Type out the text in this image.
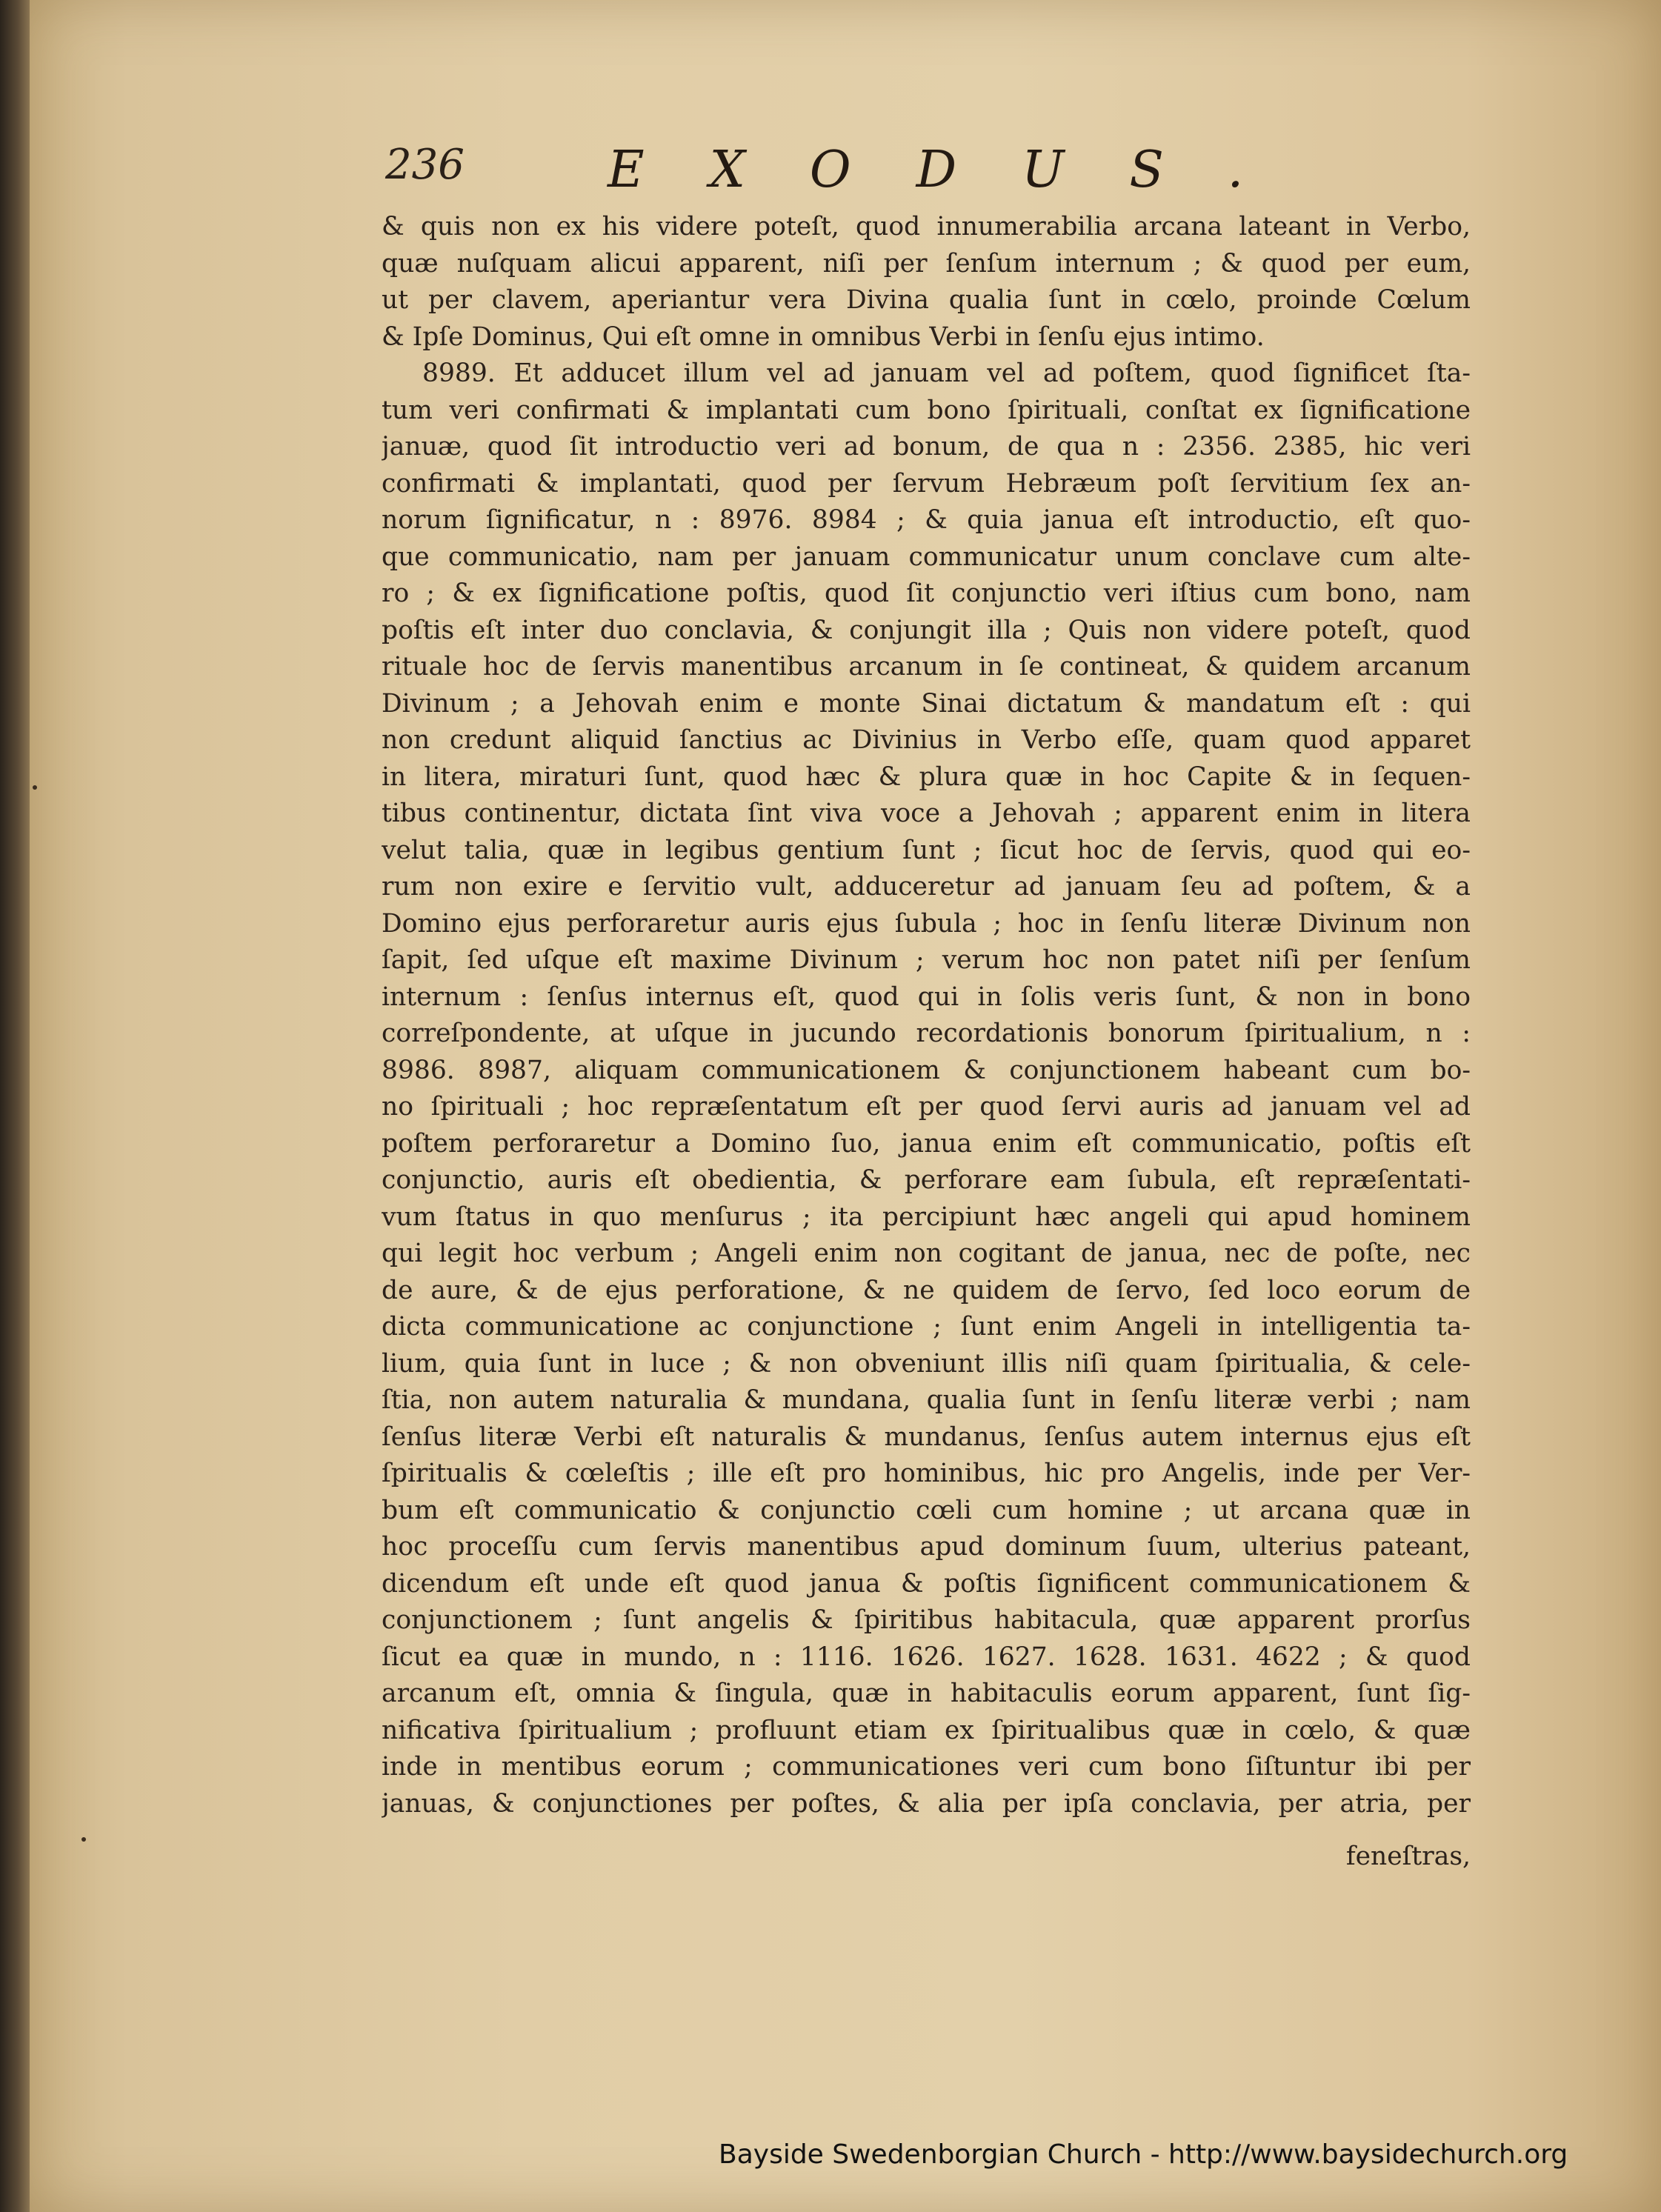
236	EXODUS.
& quis non ex his videre poteſt, quod innumerabilia arcana lateant in Verbo,
quæ nuſquam alicui apparent, niſi per ſenſum internum ; & quod per eum,
ut per clavem, aperiantur vera Divina qualia ſunt in cœlo, proinde Cœlum
& Ipſe Dominus, Qui eſt omne in omnibus Verbi in ſenſu ejus intimo.
8989. Et adducet illum vel ad januam vel ad poſtem, quod ſignificet ſta-
tum veri confirmati & implantati cum bono ſpirituali, conſtat ex ſignificatione
januæ, quod ſit introductio veri ad bonum, de qua n : 2356. 2385, hic veri
confirmati & implantati, quod per ſervum Hebræum poſt ſervitium ſex an-
norum ſignificatur, n : 8976. 8984 ; & quia janua eſt introductio, eſt quo-
que communicatio, nam per januam communicatur unum conclave cum alte-
ro ; & ex ſignificatione poſtis, quod ſit conjunctio veri iſtius cum bono, nam
poſtis eſt inter duo conclavia, & conjungit illa ; Quis non videre poteſt, quod
rituale hoc de ſervis manentibus arcanum in ſe contineat, & quidem arcanum
Divinum ; a Jehovah enim e monte Sinai dictatum & mandatum eſt : qui
non credunt aliquid ſanctius ac Divinius in Verbo eſſe, quam quod apparet
in litera, miraturi ſunt, quod hæc & plura quæ in hoc Capite & in ſequen-
tibus continentur, dictata ſint viva voce a Jehovah ; apparent enim in litera
velut talia, quæ in legibus gentium ſunt ; ſicut hoc de ſervis, quod qui eo-
rum non exire e ſervitio vult, adduceretur ad januam ſeu ad poſtem, & a
Domino ejus perforaretur auris ejus ſubula ; hoc in ſenſu literæ Divinum non
ſapit, ſed uſque eſt maxime Divinum ; verum hoc non patet niſi per ſenſum
internum : ſenſus internus eſt, quod qui in ſolis veris ſunt, & non in bono
correſpondente, at uſque in jucundo recordationis bonorum ſpiritualium, n :
8986. 8987, aliquam communicationem & conjunctionem habeant cum bo-
no ſpirituali ; hoc repræſentatum eſt per quod ſervi auris ad januam vel ad
poſtem perforaretur a Domino ſuo, janua enim eſt communicatio, poſtis eſt
conjunctio, auris eſt obedientia, & perforare eam ſubula, eſt repræſentati-
vum ſtatus in quo menſurus ; ita percipiunt hæc angeli qui apud hominem
qui legit hoc verbum ; Angeli enim non cogitant de janua, nec de poſte, nec
de aure, & de ejus perforatione, & ne quidem de ſervo, ſed loco eorum de
dicta communicatione ac conjunctione ; ſunt enim Angeli in intelligentia ta-
lium, quia ſunt in luce ; & non obveniunt illis niſi quam ſpiritualia, & cele-
ſtia, non autem naturalia & mundana, qualia ſunt in ſenſu literæ verbi ; nam
ſenſus literæ Verbi eſt naturalis & mundanus, ſenſus autem internus ejus eſt
ſpiritualis & cœleſtis ; ille eſt pro hominibus, hic pro Angelis, inde per Ver-
bum eſt communicatio & conjunctio cœli cum homine ; ut arcana quæ in
hoc proceſſu cum ſervis manentibus apud dominum ſuum, ulterius pateant,
dicendum eſt unde eſt quod janua & poſtis ſignificent communicationem &
conjunctionem ; ſunt angelis & ſpiritibus habitacula, quæ apparent prorſus
ſicut ea quæ in mundo, n : 1116. 1626. 1627. 1628. 1631. 4622 ; & quod
arcanum eſt, omnia & ſingula, quæ in habitaculis eorum apparent, ſunt ſig-
nificativa ſpiritualium ; profluunt etiam ex ſpiritualibus quæ in cœlo, & quæ
inde in mentibus eorum ; communicationes veri cum bono ſiſtuntur ibi per
januas, & conjunctiones per poſtes, & alia per ipſa conclavia, per atria, per
feneſtras,
Bayside Swedenborgian Church - http://www.baysidechurch.org
